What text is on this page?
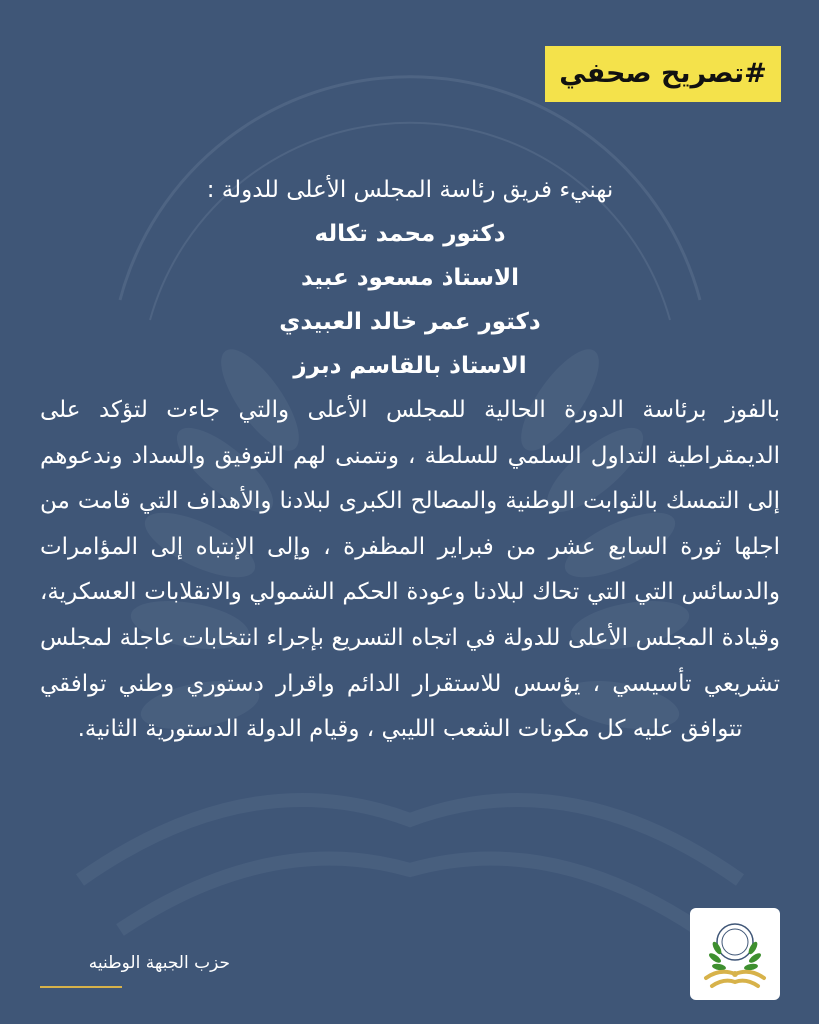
#تصريح صحفي

نهنيء فريق رئاسة المجلس الأعلى للدولة :

دكتور محمد تكاله

الاستاذ مسعود عبيد

دكتور عمر خالد العبيدي

الاستاذ بالقاسم دبرز

بالفوز برئاسة الدورة الحالية للمجلس الأعلى والتي جاءت لتؤكد على الديمقراطية التداول السلمي للسلطة ، ونتمنى لهم التوفيق والسداد وندعوهم إلى التمسك بالثوابت الوطنية والمصالح الكبرى لبلادنا والأهداف التي قامت من اجلها ثورة السابع عشر من فبراير المظفرة ، وإلى الإنتباه إلى المؤامرات والدسائس التي التي تحاك لبلادنا وعودة الحكم الشمولي والانقلابات العسكرية، وقيادة المجلس الأعلى للدولة في اتجاه التسريع بإجراء انتخابات عاجلة لمجلس تشريعي تأسيسي ، يؤسس للاستقرار الدائم واقرار دستوري وطني توافقي تتوافق عليه كل مكونات الشعب الليبي ، وقيام الدولة الدستورية الثانية.

حزب الجبهة الوطنيه
